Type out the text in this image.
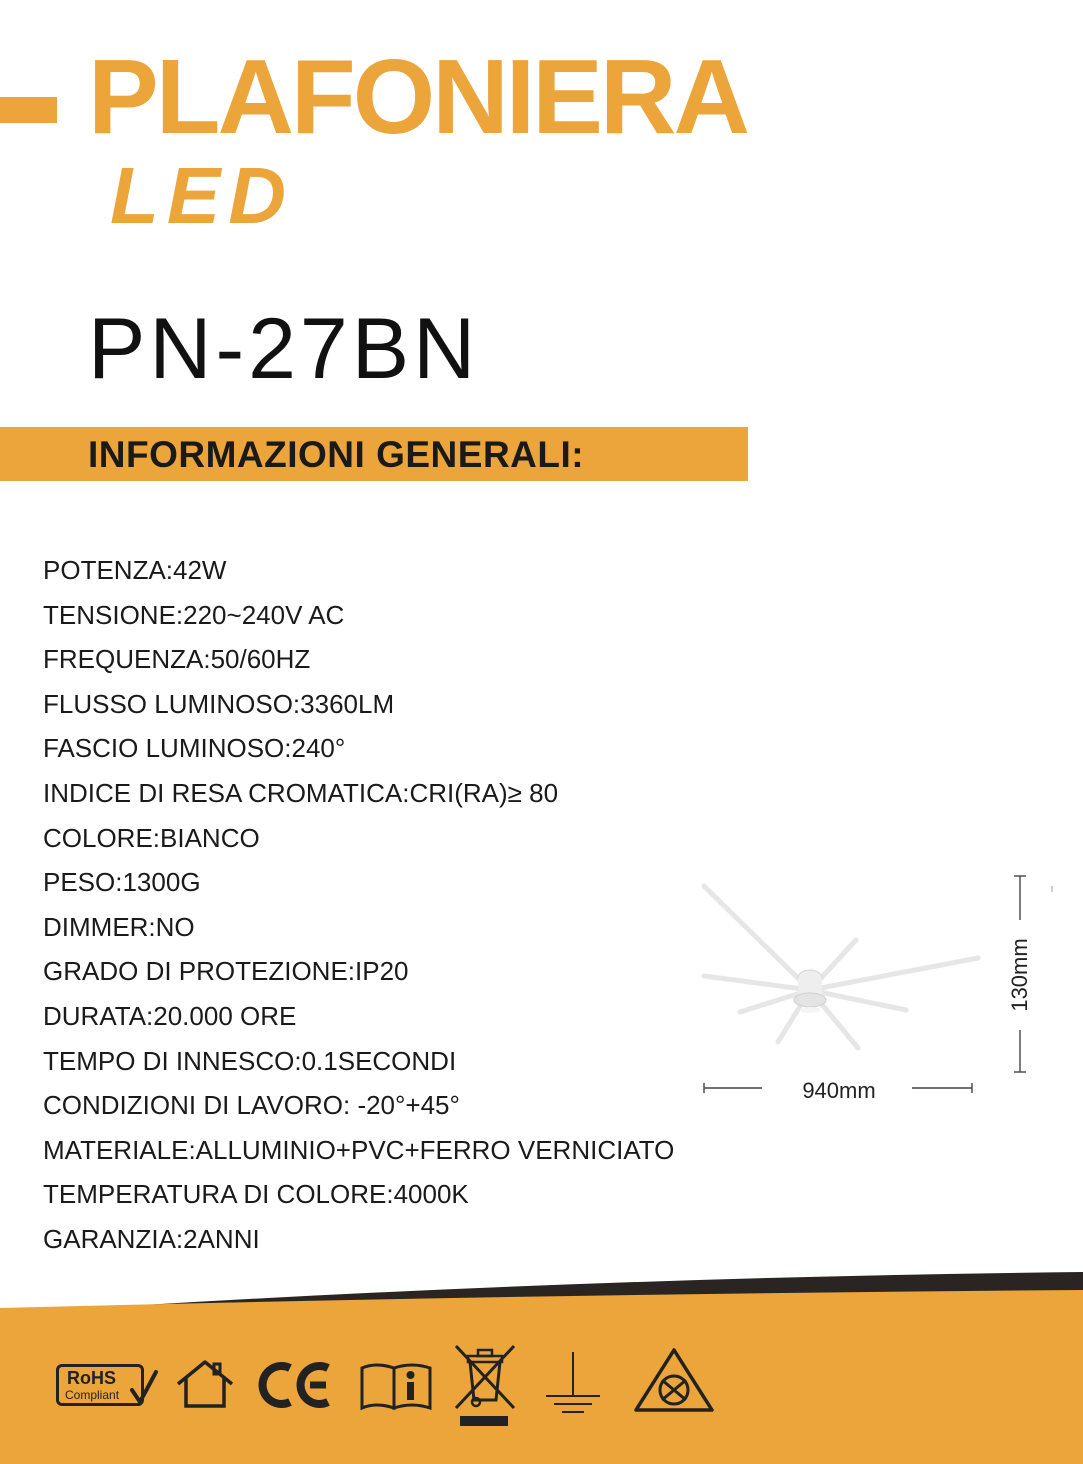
PLAFONIERA
LED
PN-27BN
INFORMAZIONI GENERALI:
POTENZA:42W
TENSIONE:220~240V AC
FREQUENZA:50/60HZ
FLUSSO LUMINOSO:3360LM
FASCIO LUMINOSO:240°
INDICE DI RESA CROMATICA:CRI(RA)≥ 80
COLORE:BIANCO
PESO:1300G
DIMMER:NO
GRADO DI PROTEZIONE:IP20
DURATA:20.000 ORE
TEMPO DI INNESCO:0.1SECONDI
CONDIZIONI DI LAVORO: -20°+45°
MATERIALE:ALLUMINIO+PVC+FERRO VERNICIATO
TEMPERATURA DI COLORE:4000K
GARANZIA:2ANNI
130mm
940mm
RoHS
Compliant
